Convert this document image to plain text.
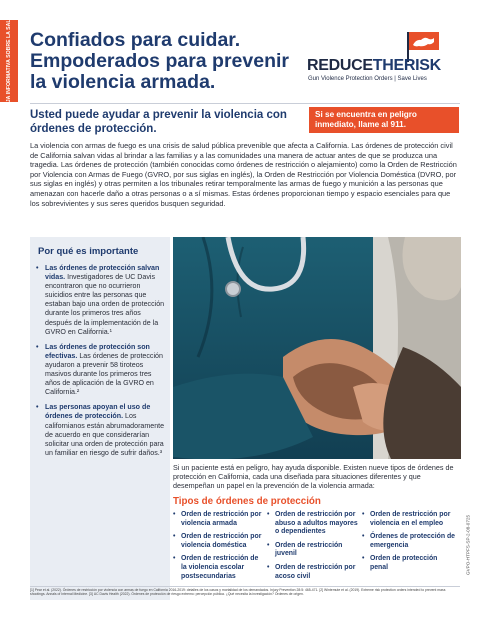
HOJA INFORMATIVA SOBRE LA SALUD Confiados para cuidar. Empoderados para prevenir la violencia armada.
REDUCETHERISK
Gun Violence Protection Orders | Save Lives
Usted puede ayudar a prevenir la violencia con órdenes de protección.
Si se encuentra en peligro inmediato, llame al 911.
La violencia con armas de fuego es una crisis de salud pública prevenible que afecta a California. Las órdenes de protección civil de California salvan vidas al brindar a las familias y a las comunidades una manera de actuar antes de que se produzca una tragedia. Las órdenes de protección (también conocidas como órdenes de restricción o alejamiento) como la Orden de Restricción por Violencia con Armas de Fuego (GVRO, por sus siglas en inglés), la Orden de Restricción por Violencia Doméstica (DVRO, por sus siglas en inglés) y otras permiten a los tribunales retirar temporalmente las armas de fuego y munición a las personas que amenazan con hacerle daño a otras personas o a sí mismas. Estas órdenes proporcionan tiempo y espacio esenciales para que los sobrevivientes y sus seres queridos busquen seguridad.
Por qué es importante
• Las órdenes de protección salvan vidas. Investigadores de UC Davis encontraron que no ocurrieron suicidios entre las personas que estaban bajo una orden de protección durante los primeros tres años después de la implementación de la GVRO en California.¹
• Las órdenes de protección son efectivas. Las órdenes de protección ayudaron a prevenir 58 tiroteos masivos durante los primeros tres años de aplicación de la GVRO en California.²
• Las personas apoyan el uso de órdenes de protección. Los californianos están abrumadoramente de acuerdo en que considerarían solicitar una orden de protección para un familiar en riesgo de sufrir daños.³
Si un paciente está en peligro, hay ayuda disponible. Existen nueve tipos de órdenes de protección en California, cada una diseñada para situaciones diferentes y que desempeñan un papel en la prevención de la violencia armada:
Tipos de órdenes de protección
• Orden de restricción por violencia armada
• Orden de restricción por violencia doméstica
• Orden de restricción de la violencia escolar postsecundarias
• Orden de restricción por abuso a adultos mayores o dependientes
• Orden de restricción juvenil
• Orden de restricción por acoso civil
• Orden de restricción por violencia en el empleo
• Órdenes de protección de emergencia
• Orden de protección penal
[1] Pear et al. (2022). Órdenes de restricción por violencia con armas de fuego en California 2016-2019: detalles de los casos y mortalidad de los demandados. Injury Prevention 28:5: 465-471. [2] Wintemute et al. (2019). Extreme risk protection orders intended to prevent mass shootings. Annals of Internal Medicine. [3] UC Davis Health (2022). Órdenes de protección de riesgo extremo: percepción pública. ¿Qué necesita la investigación? Órdenes de origen.
GVPO-HTPFS-SP-2-08-0725
